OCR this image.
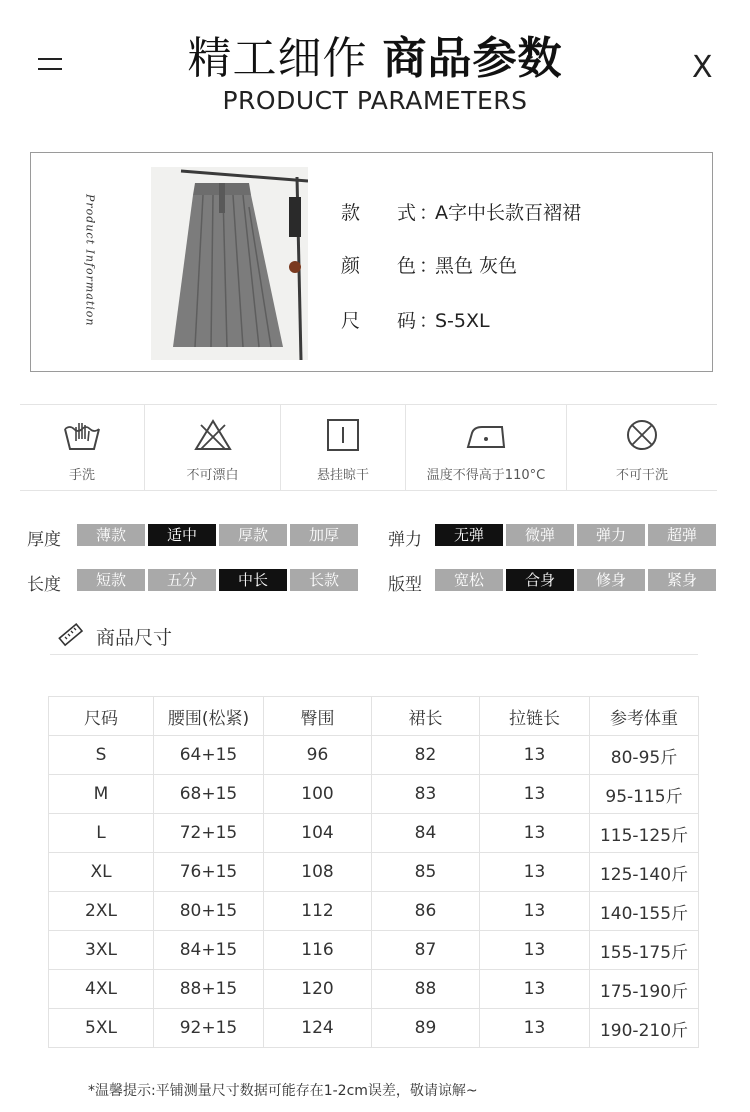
精工细作 商品参数	X
PRODUCT PARAMETERS
Product Information	款 式 ：A字中长款百褶裙
颜 色 ：黑色 灰色
尺 码 ：S-5XL
手洗	不可漂白	悬挂晾干	温度不得高于110°C	不可干洗
厚度	薄款	适中	厚款	加厚	弹力	无弹	微弹	弹力	超弹
长度	短款	五分	中长	长款	版型	宽松	合身	修身	紧身
商品尺寸
尺码	腰围(松紧)	臀围	裙长	拉链长	参考体重
S	64+15	96	82	13	80-95斤
M	68+15	100	83	13	95-115斤
L	72+15	104	84	13	115-125斤
XL	76+15	108	85	13	125-140斤
2XL	80+15	112	86	13	140-155斤
3XL	84+15	116	87	13	155-175斤
4XL	88+15	120	88	13	175-190斤
5XL	92+15	124	89	13	190-210斤
*温馨提示:平铺测量尺寸数据可能存在1-2cm误差，敬请谅解~
